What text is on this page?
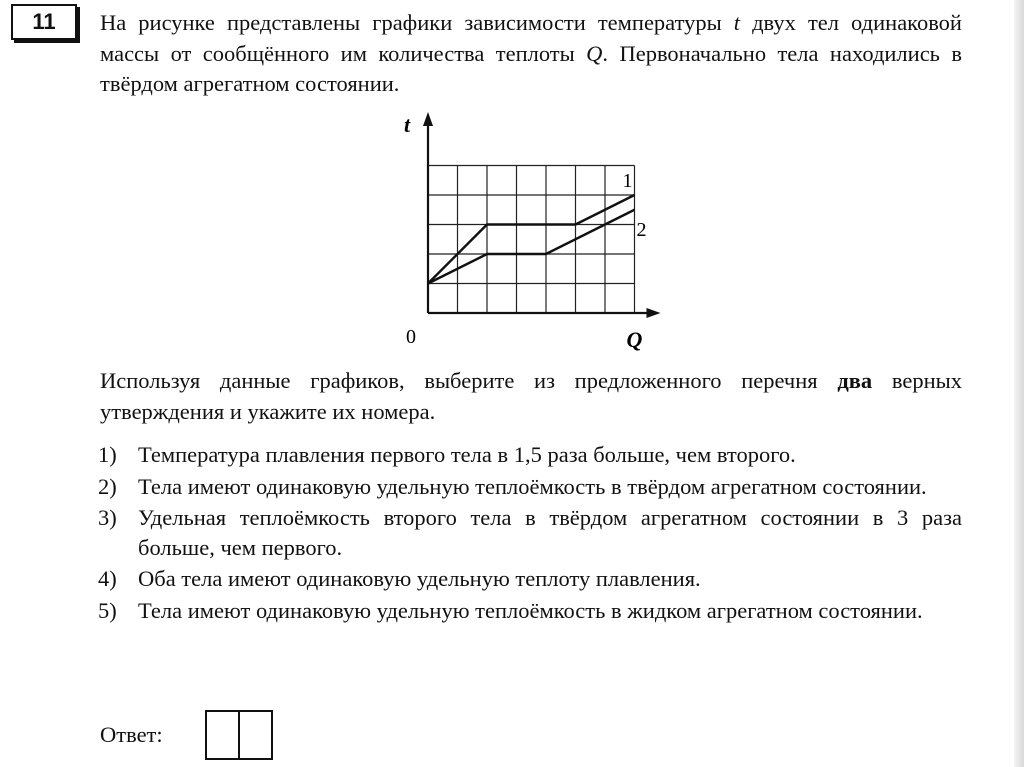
11	На рисунке представлены графики зависимости температуры t двух тел одинаковой массы от сообщённого им количества теплоты Q. Первоначально тела находились в твёрдом агрегатном состоянии.
1
2
t
Q
0
Используя данные графиков, выберите из предложенного перечня два верных утверждения и укажите их номера.
1) Температура плавления первого тела в 1,5 раза больше, чем второго.
2) Тела имеют одинаковую удельную теплоёмкость в твёрдом агрегатном состоянии.
3) Удельная теплоёмкость второго тела в твёрдом агрегатном состоянии в 3 раза больше, чем первого.
4) Оба тела имеют одинаковую удельную теплоту плавления.
5) Тела имеют одинаковую удельную теплоёмкость в жидком агрегатном состоянии.
Ответ:
